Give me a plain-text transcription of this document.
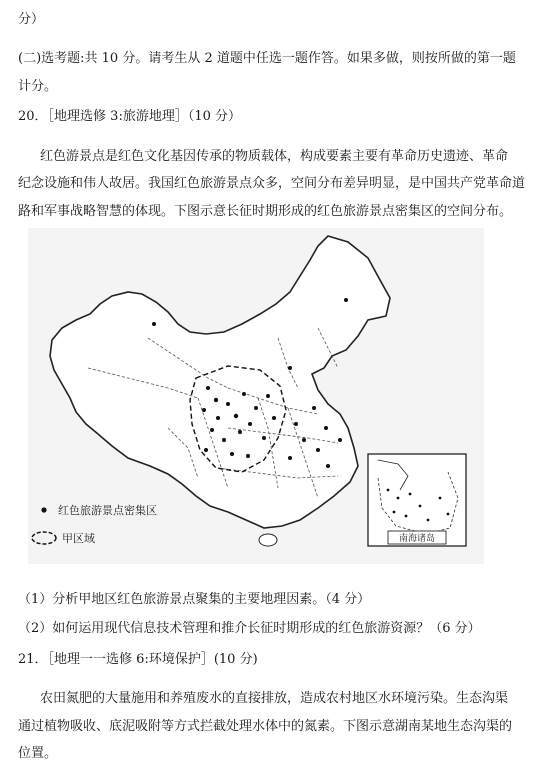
分）
(二)选考题:共 10 分。请考生从 2 道题中任选一题作答。如果多做，则按所做的第一题
计分。
20．［地理选修 3:旅游地理］（10 分）
红色游景点是红色文化基因传承的物质载体，构成要素主要有革命历史遗迹、革命
纪念设施和伟人故居。我国红色旅游景点众多，空间分布差异明显，是中国共产党革命道
路和军事战略智慧的体现。下图示意长征时期形成的红色旅游景点密集区的空间分布。
南海诸岛
红色旅游景点密集区
甲区域
（1）分析甲地区红色旅游景点聚集的主要地理因素。（4 分）
（2）如何运用现代信息技术管理和推介长征时期形成的红色旅游资源？（6 分）
21．［地理一一选修 6:环境保护］(10 分)
农田氮肥的大量施用和养殖废水的直接排放，造成农村地区水环境污染。生态沟渠
通过植物吸收、底泥吸附等方式拦截处理水体中的氮素。下图示意湖南某地生态沟渠的
位置。
